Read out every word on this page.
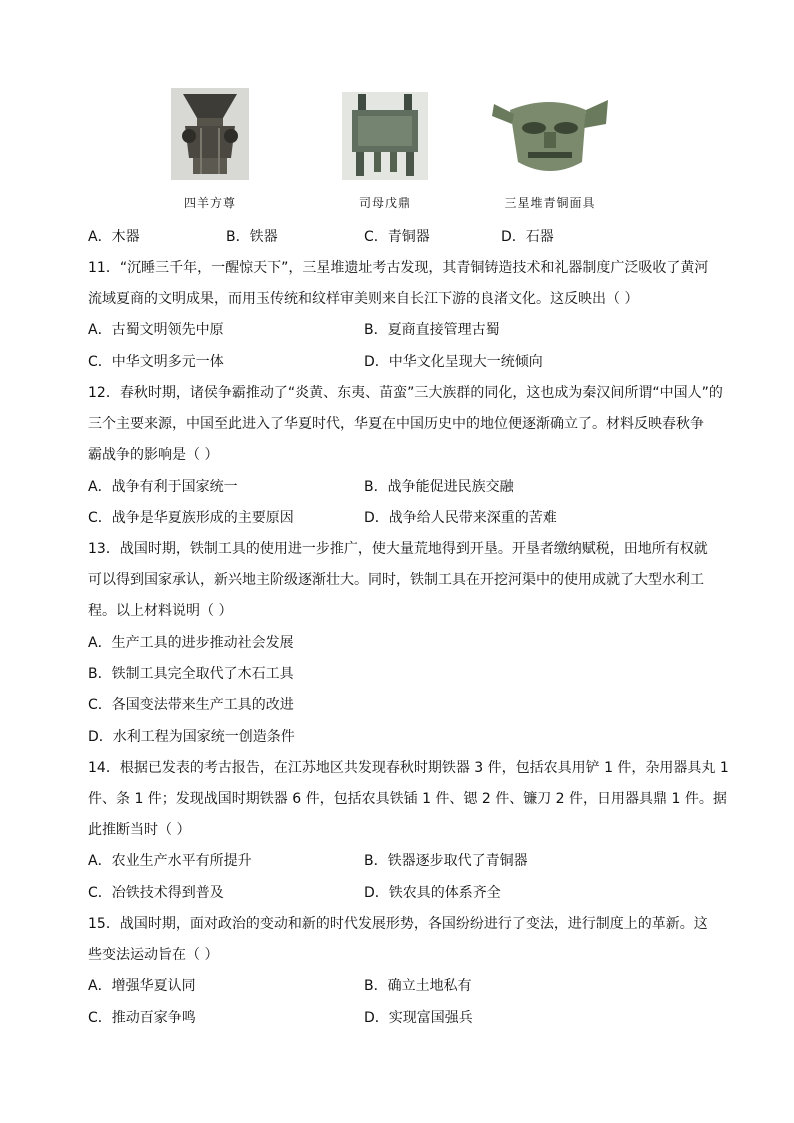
四羊方尊	司母戊鼎	三星堆青铜面具
A．木器	B．铁器	C．青铜器	D．石器
11．“沉睡三千年，一醒惊天下”，三星堆遗址考古发现，其青铜铸造技术和礼器制度广泛吸收了黄河
流域夏商的文明成果，而用玉传统和纹样审美则来自长江下游的良渚文化。这反映出（ ）
A．古蜀文明领先中原	B．夏商直接管理古蜀
C．中华文明多元一体	D．中华文化呈现大一统倾向
12．春秋时期，诸侯争霸推动了“炎黄、东夷、苗蛮”三大族群的同化，这也成为秦汉间所谓“中国人”的
三个主要来源，中国至此进入了华夏时代，华夏在中国历史中的地位便逐渐确立了。材料反映春秋争
霸战争的影响是（ ）
A．战争有利于国家统一	B．战争能促进民族交融
C．战争是华夏族形成的主要原因	D．战争给人民带来深重的苦难
13．战国时期，铁制工具的使用进一步推广，使大量荒地得到开垦。开垦者缴纳赋税，田地所有权就
可以得到国家承认，新兴地主阶级逐渐壮大。同时，铁制工具在开挖河渠中的使用成就了大型水利工
程。以上材料说明（ ）
A．生产工具的进步推动社会发展
B．铁制工具完全取代了木石工具
C．各国变法带来生产工具的改进
D．水利工程为国家统一创造条件
14．根据已发表的考古报告，在江苏地区共发现春秋时期铁器 3 件，包括农具用铲 1 件，杂用器具丸 1
件、条 1 件；发现战国时期铁器 6 件，包括农具铁锸 1 件、锶 2 件、镰刀 2 件，日用器具鼎 1 件。据
此推断当时（ ）
A．农业生产水平有所提升	B．铁器逐步取代了青铜器
C．冶铁技术得到普及	D．铁农具的体系齐全
15．战国时期，面对政治的变动和新的时代发展形势，各国纷纷进行了变法，进行制度上的革新。这
些变法运动旨在（ ）
A．增强华夏认同	B．确立土地私有
C．推动百家争鸣	D．实现富国强兵
